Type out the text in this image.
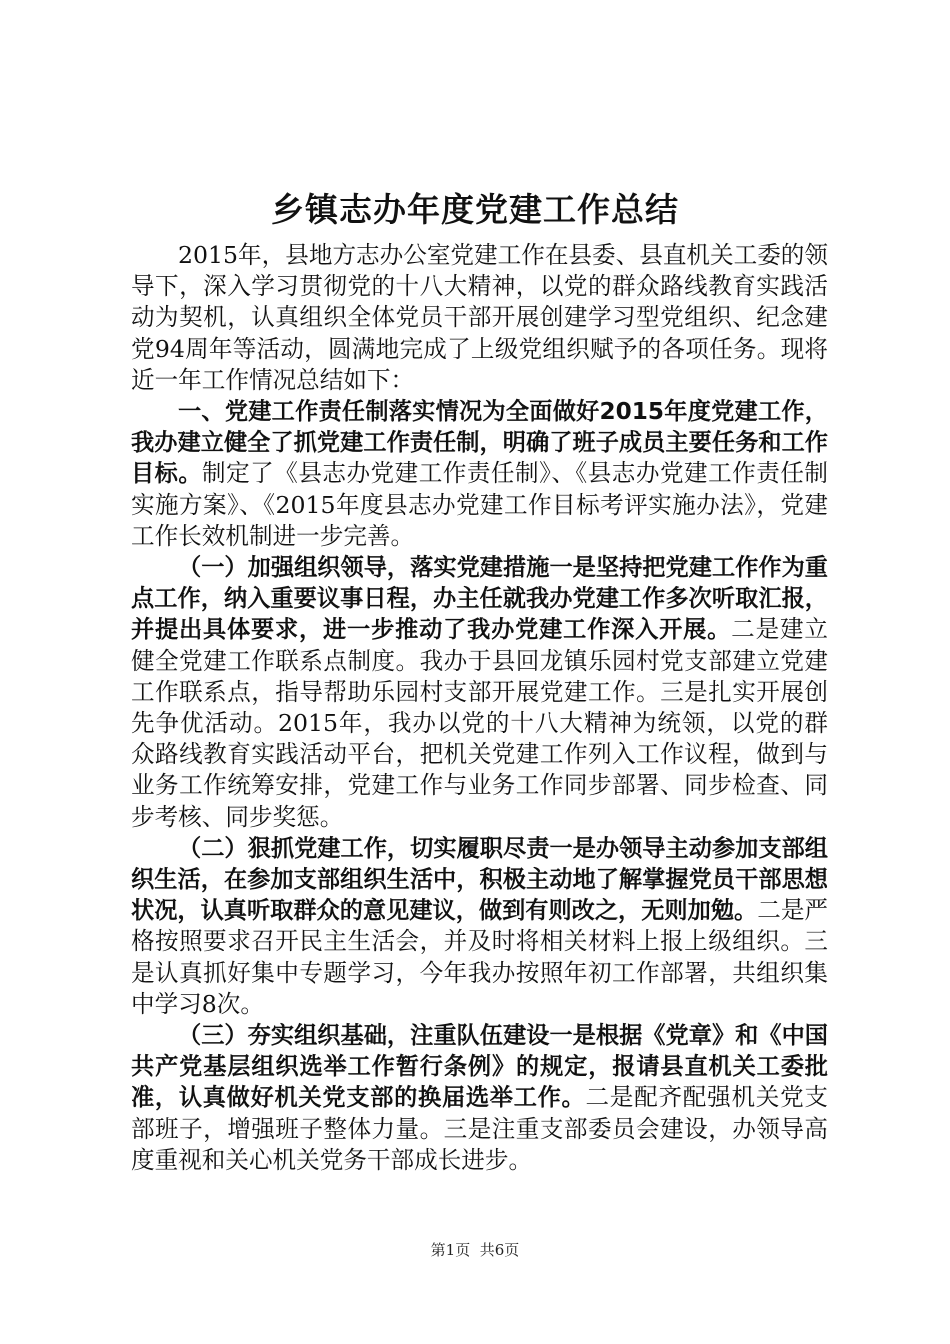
乡镇志办年度党建工作总结

2015年，县地方志办公室党建工作在县委、县直机关工委的领导下，深入学习贯彻党的十八大精神，以党的群众路线教育实践活动为契机，认真组织全体党员干部开展创建学习型党组织、纪念建党94周年等活动，圆满地完成了上级党组织赋予的各项任务。现将近一年工作情况总结如下：

一、党建工作责任制落实情况为全面做好2015年度党建工作，我办建立健全了抓党建工作责任制，明确了班子成员主要任务和工作目标。制定了《县志办党建工作责任制》、《县志办党建工作责任制实施方案》、《2015年度县志办党建工作目标考评实施办法》，党建工作长效机制进一步完善。

（一）加强组织领导，落实党建措施一是坚持把党建工作作为重点工作，纳入重要议事日程，办主任就我办党建工作多次听取汇报，并提出具体要求，进一步推动了我办党建工作深入开展。二是建立健全党建工作联系点制度。我办于县回龙镇乐园村党支部建立党建工作联系点，指导帮助乐园村支部开展党建工作。三是扎实开展创先争优活动。2015年，我办以党的十八大精神为统领，以党的群众路线教育实践活动平台，把机关党建工作列入工作议程，做到与业务工作统筹安排，党建工作与业务工作同步部署、同步检查、同步考核、同步奖惩。

（二）狠抓党建工作，切实履职尽责一是办领导主动参加支部组织生活，在参加支部组织生活中，积极主动地了解掌握党员干部思想状况，认真听取群众的意见建议，做到有则改之，无则加勉。二是严格按照要求召开民主生活会，并及时将相关材料上报上级组织。三是认真抓好集中专题学习，今年我办按照年初工作部署，共组织集中学习8次。

（三）夯实组织基础，注重队伍建设一是根据《党章》和《中国共产党基层组织选举工作暂行条例》的规定，报请县直机关工委批准，认真做好机关党支部的换届选举工作。二是配齐配强机关党支部班子，增强班子整体力量。三是注重支部委员会建设，办领导高度重视和关心机关党务干部成长进步。

第1页 共6页
